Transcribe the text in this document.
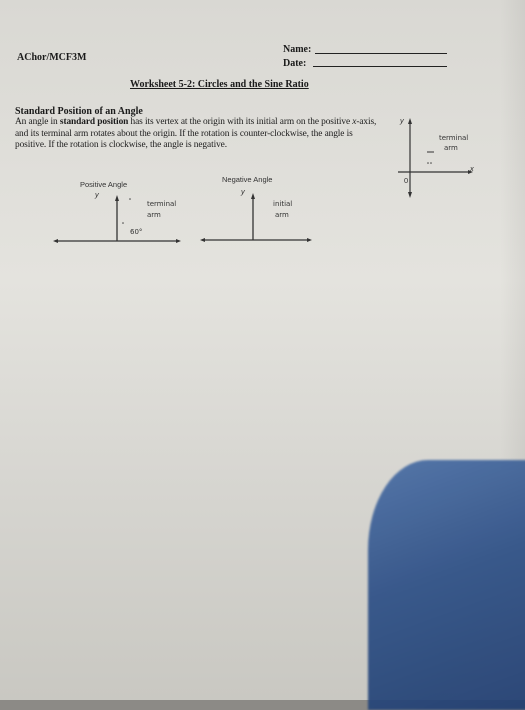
AChor/MCF3M
Name:
Date:
Worksheet 5-2: Circles and the Sine Ratio
Standard Position of an Angle
An angle in standard position has its vertex at the origin with its initial arm on the positive x-axis, and its terminal arm rotates about the origin. If the rotation is counter-clockwise, the angle is positive. If the rotation is clockwise, the angle is negative.
Positive Angle
y
terminal
arm
60°
Negative Angle
y
initial
arm
y
terminal
arm
0
x
